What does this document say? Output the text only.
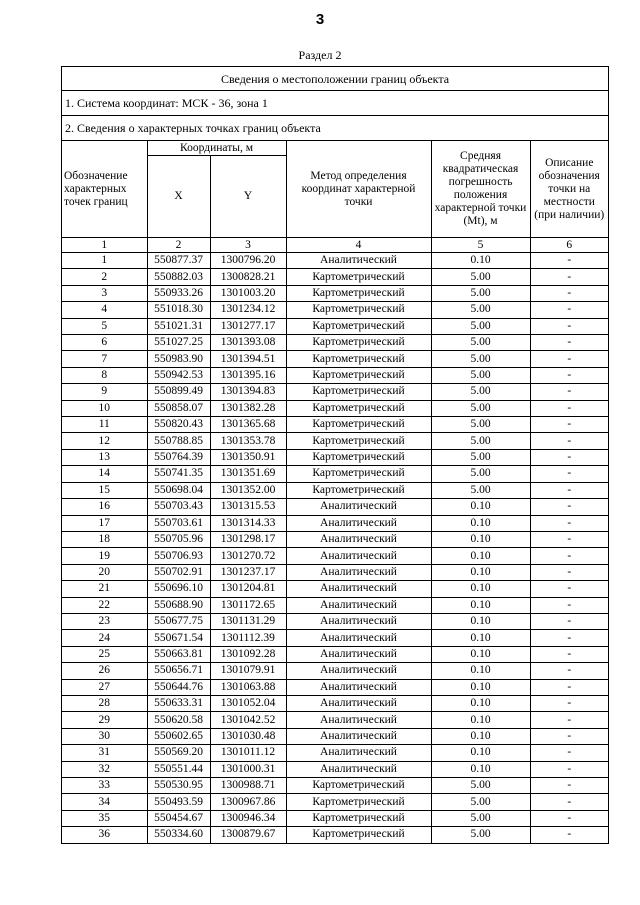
3
Раздел 2
Сведения о местоположении границ объекта
1. Система координат: МСК - 36, зона 1
2. Сведения о характерных точках границ объекта
Обозначение характерных точек границ	Координаты, м		Метод определения координат характерной точки	Средняя квадратическая погрешность положения характерной точки (Mt), м	Описание обозначения точки на местности (при наличии)
	X	Y			
1	2	3	4	5	6
1	550877.37	1300796.20	Аналитический	0.10	-
2	550882.03	1300828.21	Картометрический	5.00	-
3	550933.26	1301003.20	Картометрический	5.00	-
4	551018.30	1301234.12	Картометрический	5.00	-
5	551021.31	1301277.17	Картометрический	5.00	-
6	551027.25	1301393.08	Картометрический	5.00	-
7	550983.90	1301394.51	Картометрический	5.00	-
8	550942.53	1301395.16	Картометрический	5.00	-
9	550899.49	1301394.83	Картометрический	5.00	-
10	550858.07	1301382.28	Картометрический	5.00	-
11	550820.43	1301365.68	Картометрический	5.00	-
12	550788.85	1301353.78	Картометрический	5.00	-
13	550764.39	1301350.91	Картометрический	5.00	-
14	550741.35	1301351.69	Картометрический	5.00	-
15	550698.04	1301352.00	Картометрический	5.00	-
16	550703.43	1301315.53	Аналитический	0.10	-
17	550703.61	1301314.33	Аналитический	0.10	-
18	550705.96	1301298.17	Аналитический	0.10	-
19	550706.93	1301270.72	Аналитический	0.10	-
20	550702.91	1301237.17	Аналитический	0.10	-
21	550696.10	1301204.81	Аналитический	0.10	-
22	550688.90	1301172.65	Аналитический	0.10	-
23	550677.75	1301131.29	Аналитический	0.10	-
24	550671.54	1301112.39	Аналитический	0.10	-
25	550663.81	1301092.28	Аналитический	0.10	-
26	550656.71	1301079.91	Аналитический	0.10	-
27	550644.76	1301063.88	Аналитический	0.10	-
28	550633.31	1301052.04	Аналитический	0.10	-
29	550620.58	1301042.52	Аналитический	0.10	-
30	550602.65	1301030.48	Аналитический	0.10	-
31	550569.20	1301011.12	Аналитический	0.10	-
32	550551.44	1301000.31	Аналитический	0.10	-
33	550530.95	1300988.71	Картометрический	5.00	-
34	550493.59	1300967.86	Картометрический	5.00	-
35	550454.67	1300946.34	Картометрический	5.00	-
36	550334.60	1300879.67	Картометрический	5.00	-
